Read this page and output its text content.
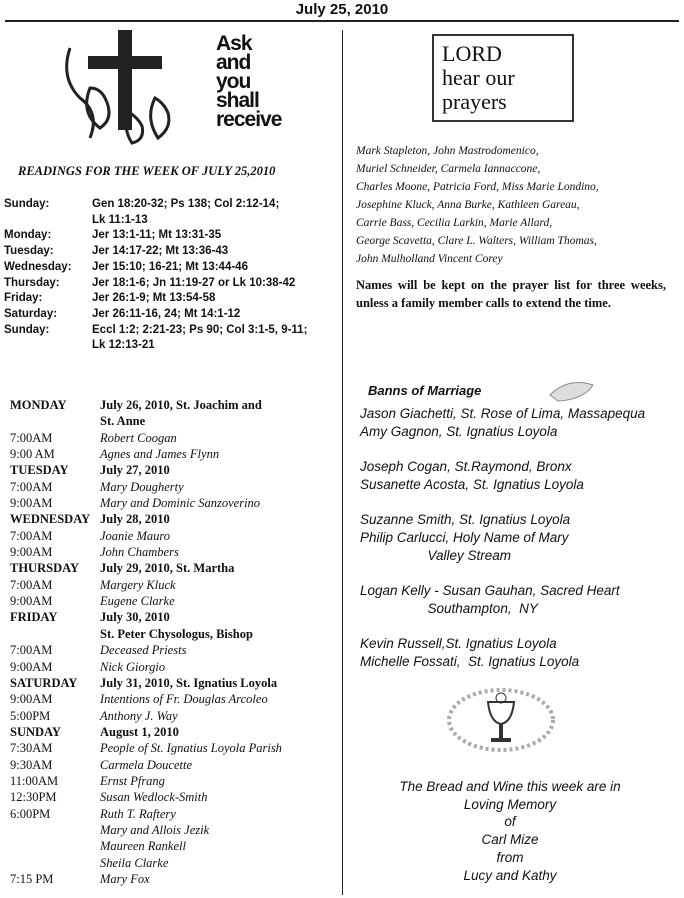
July 25, 2010
Ask
and
you
shall
receive
READINGS FOR THE WEEK OF JULY 25,2010
Sunday:	Gen 18:20-32; Ps 138; Col 2:12-14;
Lk 11:1-13
Monday:	Jer 13:1-11; Mt 13:31-35
Tuesday:	Jer 14:17-22; Mt 13:36-43
Wednesday:	Jer 15:10; 16-21; Mt 13:44-46
Thursday:	Jer 18:1-6; Jn 11:19-27 or Lk 10:38-42
Friday:	Jer 26:1-9; Mt 13:54-58
Saturday:	Jer 26:11-16, 24; Mt 14:1-12
Sunday:	Eccl 1:2; 2:21-23; Ps 90; Col 3:1-5, 9-11;
Lk 12:13-21
MONDAY	July 26, 2010, St. Joachim and
St. Anne
7:00AM	Robert Coogan
9:00 AM	Agnes and James Flynn
TUESDAY	July 27, 2010
7:00AM	Mary Dougherty
9:00AM	Mary and Dominic Sanzoverino
WEDNESDAY July 28, 2010
7:00AM	Joanie Mauro
9:00AM	John Chambers
THURSDAY	July 29, 2010, St. Martha
7:00AM	Margery Kluck
9:00AM	Eugene Clarke
FRIDAY	July 30, 2010
St. Peter Chysologus, Bishop
7:00AM	Deceased Priests
9:00AM	Nick Giorgio
SATURDAY	July 31, 2010, St. Ignatius Loyola
9:00AM	Intentions of Fr. Douglas Arcoleo
5:00PM	Anthony J. Way
SUNDAY	August 1, 2010
7:30AM	People of St. Ignatius Loyola Parish
9:30AM	Carmela Doucette
11:00AM	Ernst Pfrang
12:30PM	Susan Wedlock-Smith
6:00PM	Ruth T. Raftery
Mary and Allois Jezik
Maureen Rankell
Sheila Clarke
7:15 PM	Mary Fox
LORD hear our prayers
Mark Stapleton, John Mastrodomenico,
Muriel Schneider, Carmela Iannaccone,
Charles Moone, Patricia Ford, Miss Marie Londino,
Josephine Kluck, Anna Burke, Kathleen Gareau,
Carrie Bass, Cecilia Larkin, Marie Allard,
George Scavetta, Clare L. Walters, William Thomas,
John Mulholland Vincent Corey
Names will be kept on the prayer list for three weeks, unless a family member calls to extend the time.
Banns of Marriage
Jason Giachetti, St. Rose of Lima, Massapequa
Amy Gagnon, St. Ignatius Loyola
Joseph Cogan, St.Raymond, Bronx
Susanette Acosta, St. Ignatius Loyola
Suzanne Smith, St. Ignatius Loyola
Philip Carlucci, Holy Name of Mary
Valley Stream
Logan Kelly - Susan Gauhan, Sacred Heart
Southampton,  NY
Kevin Russell,St. Ignatius Loyola
Michelle Fossati,  St. Ignatius Loyola
The Bread and Wine this week are in
Loving Memory
of
Carl Mize
from
Lucy and Kathy
